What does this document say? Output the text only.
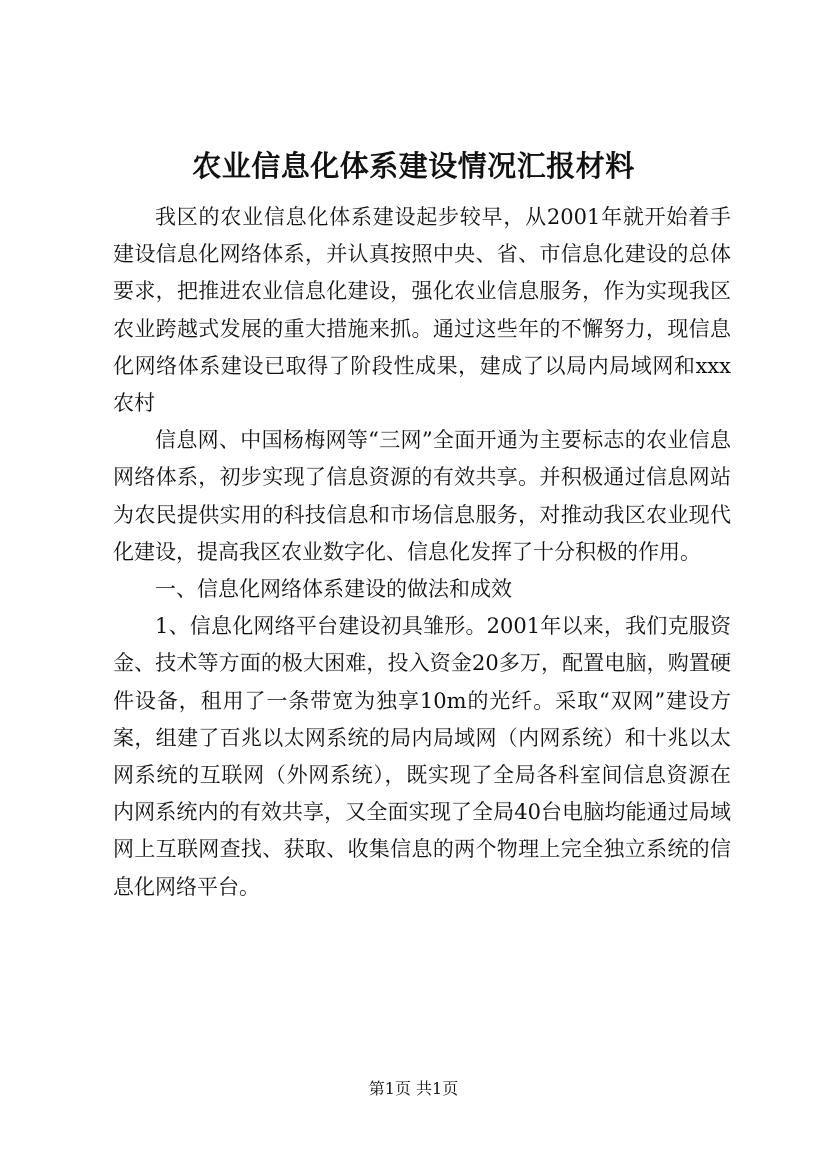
农业信息化体系建设情况汇报材料

我区的农业信息化体系建设起步较早，从2001年就开始着手建设信息化网络体系，并认真按照中央、省、市信息化建设的总体要求，把推进农业信息化建设，强化农业信息服务，作为实现我区农业跨越式发展的重大措施来抓。通过这些年的不懈努力，现信息化网络体系建设已取得了阶段性成果，建成了以局内局域网和xxx农村

信息网、中国杨梅网等“三网”全面开通为主要标志的农业信息网络体系，初步实现了信息资源的有效共享。并积极通过信息网站为农民提供实用的科技信息和市场信息服务，对推动我区农业现代化建设，提高我区农业数字化、信息化发挥了十分积极的作用。

一、信息化网络体系建设的做法和成效

1、信息化网络平台建设初具雏形。2001年以来，我们克服资金、技术等方面的极大困难，投入资金20多万，配置电脑，购置硬件设备，租用了一条带宽为独享10m的光纤。采取“双网”建设方案，组建了百兆以太网系统的局内局域网（内网系统）和十兆以太网系统的互联网（外网系统），既实现了全局各科室间信息资源在内网系统内的有效共享，又全面实现了全局40台电脑均能通过局域网上互联网查找、获取、收集信息的两个物理上完全独立系统的信息化网络平台。

第1页 共1页
